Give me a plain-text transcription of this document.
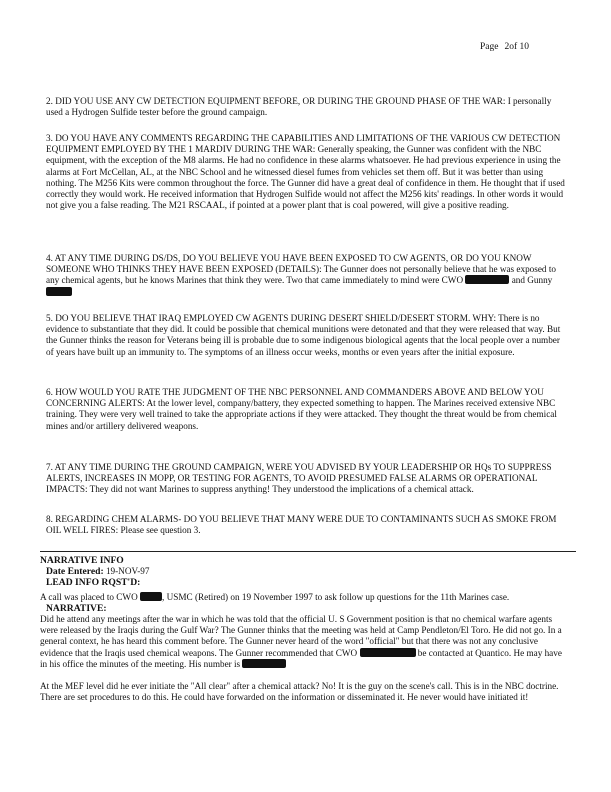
Page 2of 10
2. DID YOU USE ANY CW DETECTION EQUIPMENT BEFORE, OR DURING THE GROUND PHASE OF THE WAR: I personally used a Hydrogen Sulfide tester before the ground campaign.
3. DO YOU HAVE ANY COMMENTS REGARDING THE CAPABILITIES AND LIMITATIONS OF THE VARIOUS CW DETECTION EQUIPMENT EMPLOYED BY THE 1 MARDIV DURING THE WAR: Generally speaking, the Gunner was confident with the NBC equipment, with the exception of the M8 alarms. He had no confidence in these alarms whatsoever. He had previous experience in using the alarms at Fort McCellan, AL, at the NBC School and he witnessed diesel fumes from vehicles set them off. But it was better than using nothing. The M256 Kits were common throughout the force. The Gunner did have a great deal of confidence in them. He thought that if used correctly they would work. He received information that Hydrogen Sulfide would not affect the M256 kits' readings. In other words it would not give you a false reading. The M21 RSCAAL, if pointed at a power plant that is coal powered, will give a positive reading.
4. AT ANY TIME DURING DS/DS, DO YOU BELIEVE YOU HAVE BEEN EXPOSED TO CW AGENTS, OR DO YOU KNOW SOMEONE WHO THINKS THEY HAVE BEEN EXPOSED (DETAILS): The Gunner does not personally believe that he was exposed to any chemical agents, but he knows Marines that think they were. Two that came immediately to mind were CWO	and Gunny
5. DO YOU BELIEVE THAT IRAQ EMPLOYED CW AGENTS DURING DESERT SHIELD/DESERT STORM. WHY: There is no evidence to substantiate that they did. It could be possible that chemical munitions were detonated and that they were released that way. But the Gunner thinks the reason for Veterans being ill is probable due to some indigenous biological agents that the local people over a number of years have built up an immunity to. The symptoms of an illness occur weeks, months or even years after the initial exposure.
6. HOW WOULD YOU RATE THE JUDGMENT OF THE NBC PERSONNEL AND COMMANDERS ABOVE AND BELOW YOU CONCERNING ALERTS: At the lower level, company/battery, they expected something to happen. The Marines received extensive NBC training. They were very well trained to take the appropriate actions if they were attacked. They thought the threat would be from chemical mines and/or artillery delivered weapons.
7. AT ANY TIME DURING THE GROUND CAMPAIGN, WERE YOU ADVISED BY YOUR LEADERSHIP OR HQs TO SUPPRESS ALERTS, INCREASES IN MOPP, OR TESTING FOR AGENTS, TO AVOID PRESUMED FALSE ALARMS OR OPERATIONAL IMPACTS: They did not want Marines to suppress anything! They understood the implications of a chemical attack.
8. REGARDING CHEM ALARMS- DO YOU BELIEVE THAT MANY WERE DUE TO CONTAMINANTS SUCH AS SMOKE FROM OIL WELL FIRES: Please see question 3.
NARRATIVE INFO
Date Entered: 19-NOV-97
LEAD INFO RQST'D:
A call was placed to CWO	, USMC (Retired) on 19 November 1997 to ask follow up questions for the 11th Marines case.
NARRATIVE:
Did he attend any meetings after the war in which he was told that the official U. S Government position is that no chemical warfare agents were released by the Iraqis during the Gulf War? The Gunner thinks that the meeting was held at Camp Pendleton/El Toro. He did not go. In a general context, he has heard this comment before. The Gunner never heard of the word "official" but that there was not any conclusive evidence that the Iraqis used chemical weapons. The Gunner recommended that CWO	be contacted at Quantico. He may have in his office the minutes of the meeting. His number is
At the MEF level did he ever initiate the "All clear" after a chemical attack? No! It is the guy on the scene's call. This is in the NBC doctrine. There are set procedures to do this. He could have forwarded on the information or disseminated it. He never would have initiated it!
